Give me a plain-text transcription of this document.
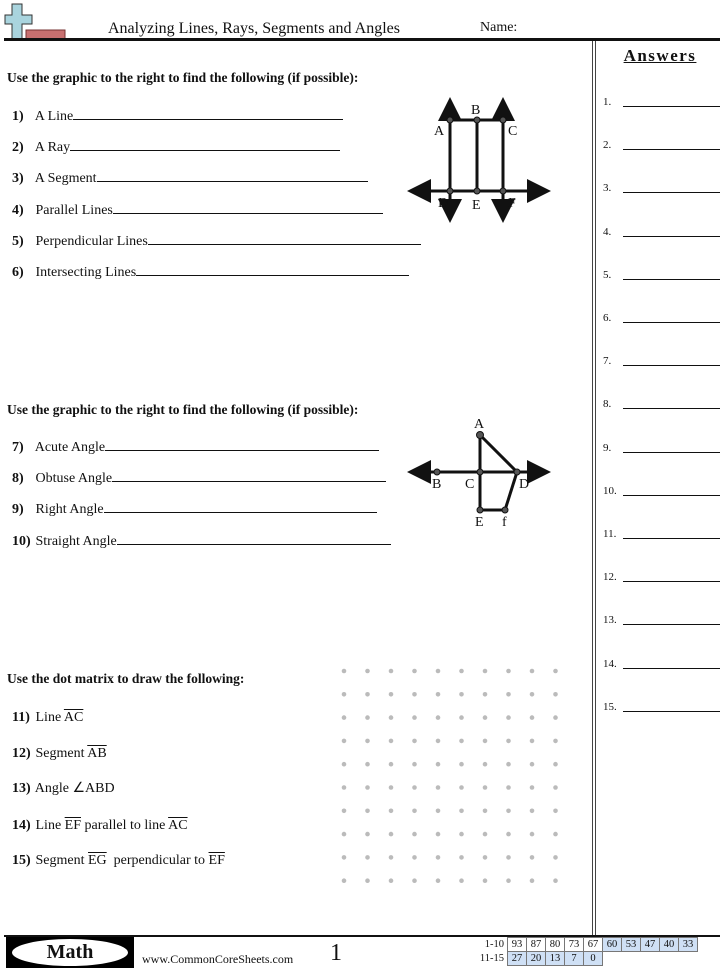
Analyzing Lines, Rays, Segments and Angles	Name:
Answers
Use the graphic to the right to find the following (if possible):
A
B
C
D E F
Use the graphic to the right to find the following (if possible):
A
B C	D
E f
Use the dot matrix to draw the following:
11) Line $\overline{AC}$
12) Segment $\overline{AB}$
13) Angle ∠ABD
14) Line $\overline{EF}$ parallel to line $\overline{AC}$
15) Segment $\overline{EG}$ perpendicular to $\overline{EF}$
Math	www.CommonCoreSheets.com 1	1-10	93	87	80	73	67	60	53	47	40	33
11-15	27	20	13	7	0					
1.
2.
3.
4.
5.
6.
7.
8.
9.
10.
11.
12.
13.
14.
15.
1) A Line
2) A Ray
3) A Segment
4) Parallel Lines
5) Perpendicular Lines
6) Intersecting Lines
7) Acute Angle
8) Obtuse Angle
9) Right Angle
10) Straight Angle
